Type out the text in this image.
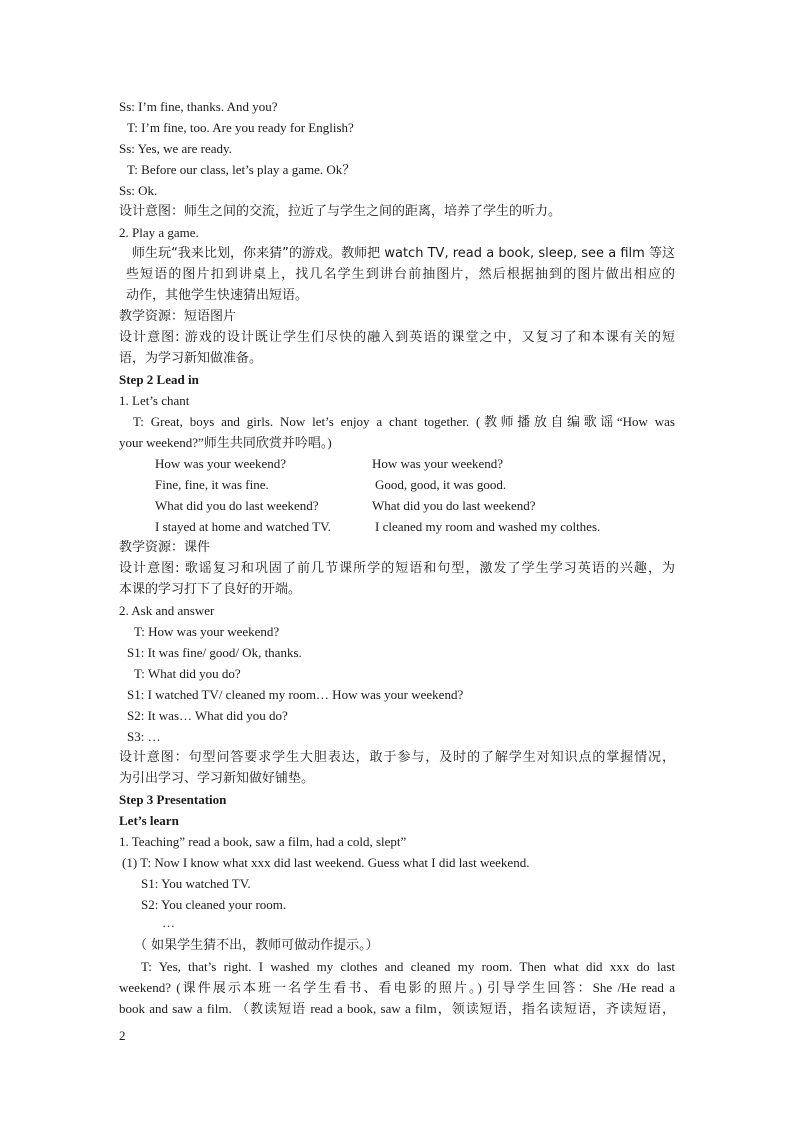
Ss: I’m fine, thanks. And you?
T: I’m fine, too. Are you ready for English?
Ss: Yes, we are ready.
T: Before our class, let’s play a game. Ok？
Ss: Ok.
设计意图：师生之间的交流，拉近了与学生之间的距离，培养了学生的听力。
2. Play a game.
师生玩“我来比划，你来猜”的游戏。教师把 watch TV, read a book, sleep, see a film 等这
些短语的图片扣到讲桌上，找几名学生到讲台前抽图片，然后根据抽到的图片做出相应的
动作，其他学生快速猜出短语。
教学资源：短语图片
设计意图: 游戏的设计既让学生们尽快的融入到英语的课堂之中，又复习了和本课有关的短
语，为学习新知做准备。
Step 2 Lead in
1. Let’s chant
T: Great, boys and girls. Now let’s enjoy a chant together. (教师播放自编歌谣“How was
your weekend?”师生共同欣赏并吟唱。)
How was your weekend?	How was your weekend?
Fine, fine, it was fine.	Good, good, it was good.
What did you do last weekend?	What did you do last weekend?
I stayed at home and watched TV.	I cleaned my room and washed my colthes.
教学资源：课件
设计意图: 歌谣复习和巩固了前几节课所学的短语和句型，激发了学生学习英语的兴趣，为
本课的学习打下了良好的开端。
2. Ask and answer
T: How was your weekend?
S1: It was fine/ good/ Ok, thanks.
T: What did you do?
S1: I watched TV/ cleaned my room… How was your weekend?
S2: It was… What did you do?
S3: …
设计意图：句型问答要求学生大胆表达，敢于参与，及时的了解学生对知识点的掌握情况，
为引出学习、学习新知做好铺垫。
Step 3 Presentation
Let’s learn
1. Teaching” read a book, saw a film, had a cold, slept”
(1) T: Now I know what xxx did last weekend. Guess what I did last weekend.
S1: You watched TV.
S2: You cleaned your room.
…
（ 如果学生猜不出，教师可做动作提示。）
T: Yes, that’s right. I washed my clothes and cleaned my room. Then what did xxx do last
weekend? (课件展示本班一名学生看书、看电影的照片。) 引导学生回答：She /He read a
book and saw a film. （教读短语 read a book, saw a film，领读短语，指名读短语，齐读短语，
2
